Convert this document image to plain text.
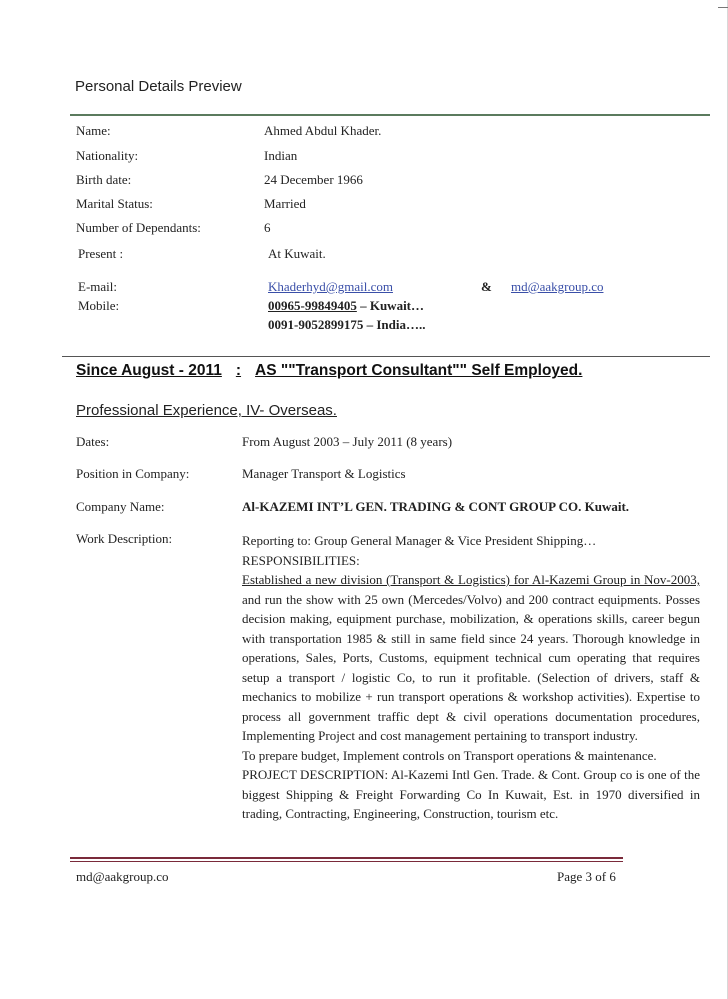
Personal Details Preview
Name:	Ahmed Abdul Khader.
Nationality:	Indian
Birth date:	24 December 1966
Marital Status:	Married
Number of Dependants:	6
Present :	At Kuwait.
E-mail:	Khaderhyd@gmail.com	& md@aakgroup.co
Mobile:	00965-99849405 – Kuwait…
0091-9052899175 – India…..
Since August - 2011 : AS ""Transport Consultant"" Self Employed.
Professional Experience, IV- Overseas.
Dates:	From August 2003 – July 2011 (8 years)
Position in Company:	Manager Transport & Logistics
Company Name:	Al-KAZEMI INT’L GEN. TRADING & CONT GROUP CO. Kuwait.
Work Description:	Reporting to: Group General Manager & Vice President Shipping…

RESPONSIBILITIES:

Established a new division (Transport & Logistics) for Al-Kazemi Group in Nov-2003, and run the show with 25 own (Mercedes/Volvo) and 200 contract equipments. Posses decision making, equipment purchase, mobilization, & operations skills, career begun with transportation 1985 & still in same field since 24 years. Thorough knowledge in operations, Sales, Ports, Customs, equipment technical cum operating that requires setup a transport / logistic Co, to run it profitable. (Selection of drivers, staff & mechanics to mobilize + run transport operations & workshop activities). Expertise to process all government traffic dept & civil operations documentation procedures, Implementing Project and cost management pertaining to transport industry.

To prepare budget, Implement controls on Transport operations & maintenance.

PROJECT DESCRIPTION: Al-Kazemi Intl Gen. Trade. & Cont. Group co is one of the biggest Shipping & Freight Forwarding Co In Kuwait, Est. in 1970 diversified in trading, Contracting, Engineering, Construction, tourism etc.

md@aakgroup.co	Page 3 of 6
